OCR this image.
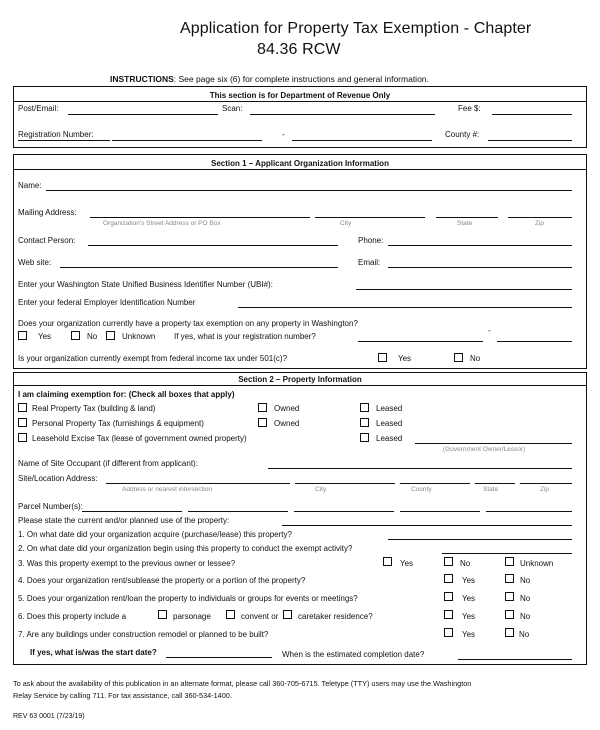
Application for Property Tax Exemption - Chapter
84.36 RCW
INSTRUCTIONS: See page six (6) for complete instructions and general information.
This section is for Department of Revenue Only
Post/Email:	Scan:	Fee $:
Registration Number:	-	County #:
Section 1 – Applicant Organization Information
Name:
Mailing Address:
Organization's Street Address or PO Box	City	State	Zip
Contact Person:	Phone:
Web site:	Email:
Enter your Washington State Unified Business Identifier Number (UBI#):
Enter your federal Employer Identification Number
Does your organization currently have a property tax exemption on any property in Washington?
Yes	No	Unknown If yes, what is your registration number?
-
Is your organization currently exempt from federal income tax under 501(c)?	Yes	No
Section 2 – Property Information
I am claiming exemption for: (Check all boxes that apply)
Real Property Tax (building & land)	Owned	Leased
Personal Property Tax (furnishings & equipment)	Owned	Leased
Leasehold Excise Tax (lease of government owned property)	Leased
(Government Owner/Lessor)
Name of Site Occupant (if different from applicant):
Site/Location Address:
Address or nearest intersection	City	County	State	Zip
Parcel Number(s):
Please state the current and/or planned use of the property:
1. On what date did your organization acquire (purchase/lease) this property?
2. On what date did your organization begin using this property to conduct the exempt activity?
3. Was this property exempt to the previous owner or lessee?	Yes	No	Unknown
4. Does your organization rent/sublease the property or a portion of the property?	Yes	No
5. Does your organization rent/loan the property to individuals or groups for events or meetings?	Yes	No
6. Does this property include a	parsonage	convent or caretaker residence?	Yes	No
7. Are any buildings under construction remodel or planned to be built?	Yes	No
If yes, what is/was the start date?	When is the estimated completion date?
To ask about the availability of this publication in an alternate format, please call 360-705-6715. Teletype (TTY) users may use the Washington
Relay Service by calling 711. For tax assistance, call 360-534-1400.
REV 63 0001 (7/23/19)
